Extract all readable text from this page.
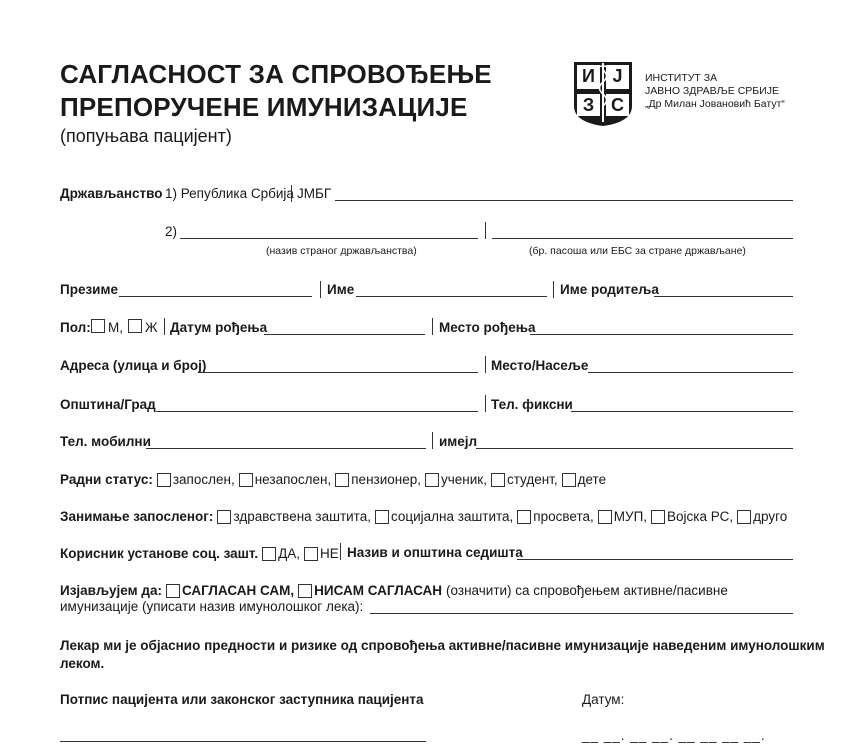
САГЛАСНОСТ ЗА СПРОВОЂЕЊЕ
ПРЕПОРУЧЕНЕ ИМУНИЗАЦИЈЕ
(попуњава пацијент)
И Ј
З С
ИНСТИТУТ ЗА
ЈАВНО ЗДРАВЉЕ СРБИЈЕ
„Др Милан Јовановић Батут“
Држављанство 1) Република Србија ЈМБГ
2)
(назив страног држављанства)	(бр. пасоша или ЕБС за стране држављане)
Презиме	Име	Име родитеља
Пол: М, Ж Датум рођења	Место рођења
Адреса (улица и број)	Место/Насеље
Општина/Град	Тел. фиксни
Тел. мобилни	имејл
Радни статус: запослен, незапослен, пензионер, ученик, студент, дете
Занимање запосленог: здравствена заштита, социјална заштита, просвета, МУП, Војска РС, друго
Корисник установе соц. зашт. ДА, НЕ Назив и општина седишта
Изјављујем да: САГЛАСАН САМ, НИСАМ САГЛАСАН (означити) са спровођењем активне/пасивне
имунизације (уписати назив имунолошког лека):
Лекар ми је објаснио предности и ризике од спровођења активне/пасивне имунизације наведеним имунолошким
леком.
Потпис пацијента или законског заступника пацијента	Датум:
__ __. __ __. __ __ __ __.
